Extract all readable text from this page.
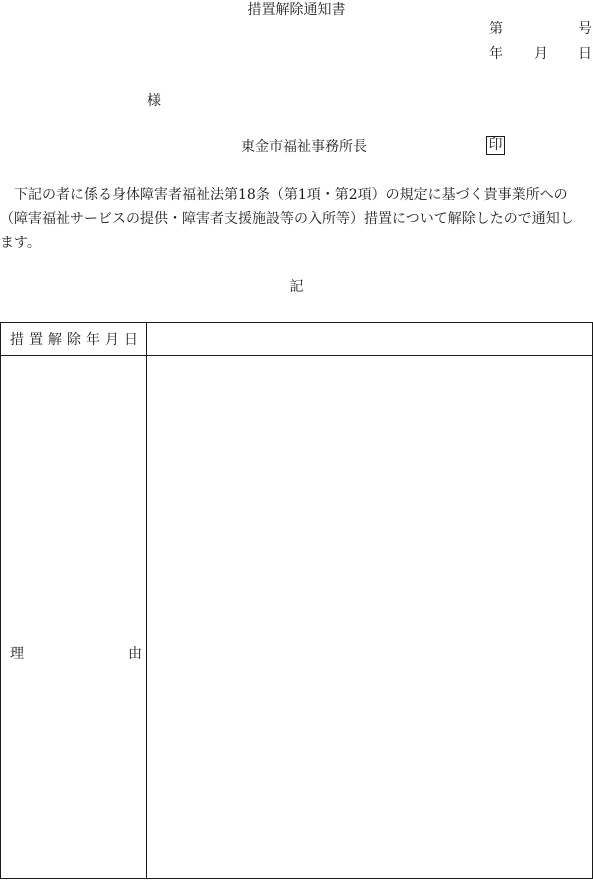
措置解除通知書
第	号
年 月 日
様
東金市福祉事務所長	印

　下記の者に係る身体障害者福祉法第18条（第1項・第2項）の規定に基づく貴事業所への
（障害福祉サービスの提供・障害者支援施設等の入所等）措置について解除したので通知し
ます。

記
措置解除年月日	

理 由	
